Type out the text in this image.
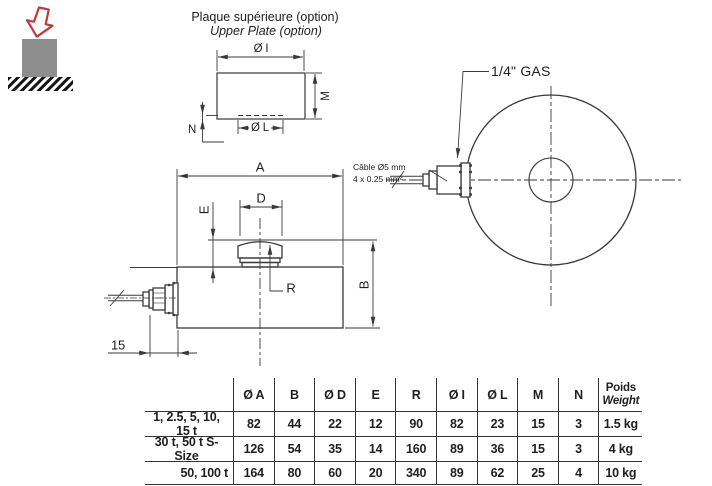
Plaque supérieure (option)
Upper Plate (option)
Ø I
M
N	Ø L
A
D
E
R	B
15
1/4" GAS
Câble Ø5 mm
4 x 0.25 mm²
Ø A	B	Ø D	E	R	Ø I	Ø L	M	N	Poids
Weight
1, 2.5, 5, 10, 15 t
82	44	22	12	90	82	23	15	3	1.5 kg
30 t, 50 t S-Size
126	54	35	14	160	89	36	15	3	4 kg
50, 100 t	164	80	60	20	340	89	62	25	4	10 kg
